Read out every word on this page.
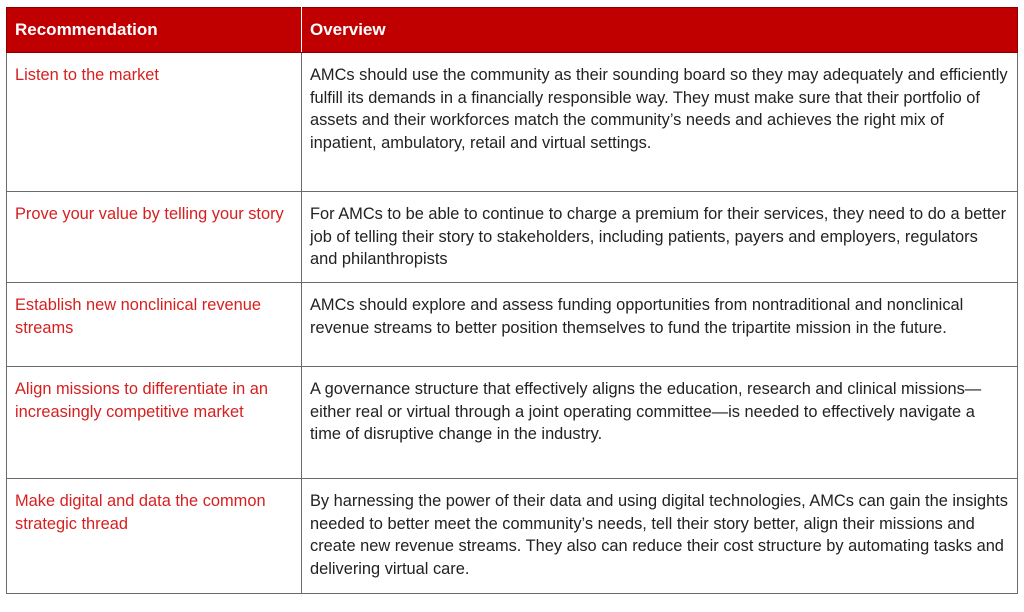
Recommendation	Overview
Listen to the market	AMCs should use the community as their sounding board so they may adequately and efficiently fulfill its demands in a financially responsible way. They must make sure that their portfolio of assets and their workforces match the community’s needs and achieves the right mix of inpatient, ambulatory, retail and virtual settings.
Prove your value by telling your story	For AMCs to be able to continue to charge a premium for their services, they need to do a better job of telling their story to stakeholders, including patients, payers and employers, regulators and philanthropists
Establish new nonclinical revenue streams	AMCs should explore and assess funding opportunities from nontraditional and nonclinical revenue streams to better position themselves to fund the tripartite mission in the future.
Align missions to differentiate in an increasingly competitive market	A governance structure that effectively aligns the education, research and clinical missions—either real or virtual through a joint operating committee—is needed to effectively navigate a time of disruptive change in the industry.
Make digital and data the common strategic thread	By harnessing the power of their data and using digital technologies, AMCs can gain the insights needed to better meet the community’s needs, tell their story better, align their missions and create new revenue streams. They also can reduce their cost structure by automating tasks and delivering virtual care.
